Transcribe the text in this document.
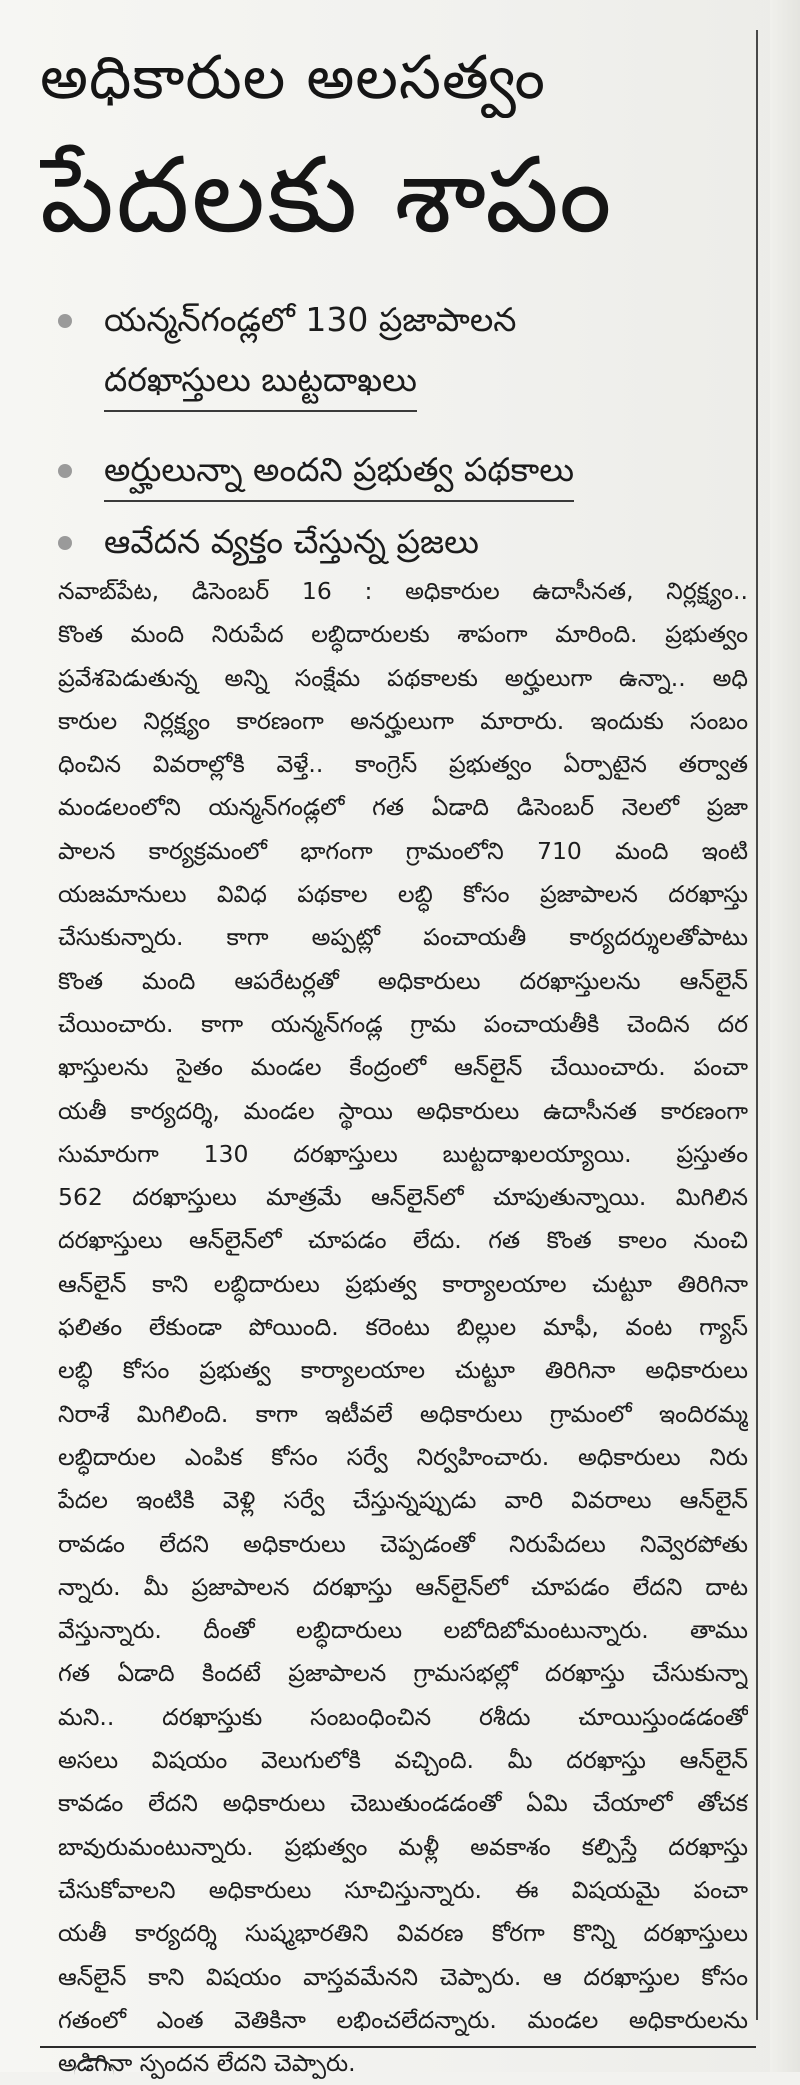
అధికారుల అలసత్వం
పేదలకు శాపం
యన్మన్‌గండ్లలో 130 ప్రజాపాలన
దరఖాస్తులు బుట్టదాఖలు
అర్హులున్నా అందని ప్రభుత్వ పథకాలు
ఆవేదన వ్యక్తం చేస్తున్న ప్రజలు
నవాబ్‌పేట, డిసెంబర్ 16 : అధికారుల ఉదాసీనత, నిర్లక్ష్యం..
కొంత మంది నిరుపేద లబ్ధిదారులకు శాపంగా మారింది. ప్రభుత్వం
ప్రవేశపెడుతున్న అన్ని సంక్షేమ పథకాలకు అర్హులుగా ఉన్నా.. అధి
కారుల నిర్లక్ష్యం కారణంగా అనర్హులుగా మారారు. ఇందుకు సంబం
ధించిన వివరాల్లోకి వెళ్తే.. కాంగ్రెస్ ప్రభుత్వం ఏర్పాటైన తర్వాత
మండలంలోని యన్మన్‌గండ్లలో గత ఏడాది డిసెంబర్ నెలలో ప్రజా
పాలన కార్యక్రమంలో భాగంగా గ్రామంలోని 710 మంది ఇంటి
యజమానులు వివిధ పథకాల లబ్ధి కోసం ప్రజాపాలన దరఖాస్తు
చేసుకున్నారు. కాగా అప్పట్లో పంచాయతీ కార్యదర్శులతోపాటు
కొంత మంది ఆపరేటర్లతో అధికారులు దరఖాస్తులను ఆన్‌లైన్
చేయించారు. కాగా యన్మన్‌గండ్ల గ్రామ పంచాయతీకి చెందిన దర
ఖాస్తులను సైతం మండల కేంద్రంలో ఆన్‌లైన్ చేయించారు. పంచా
యతీ కార్యదర్శి, మండల స్థాయి అధికారులు ఉదాసీనత కారణంగా
సుమారుగా 130 దరఖాస్తులు బుట్టదాఖలయ్యాయి. ప్రస్తుతం
562 దరఖాస్తులు మాత్రమే ఆన్‌లైన్‌లో చూపుతున్నాయి. మిగిలిన
దరఖాస్తులు ఆన్‌లైన్‌లో చూపడం లేదు. గత కొంత కాలం నుంచి
ఆన్‌లైన్ కాని లబ్ధిదారులు ప్రభుత్వ కార్యాలయాల చుట్టూ తిరిగినా
ఫలితం లేకుండా పోయింది. కరెంటు బిల్లుల మాఫీ, వంట గ్యాస్
లబ్ధి కోసం ప్రభుత్వ కార్యాలయాల చుట్టూ తిరిగినా అధికారులు
నిరాశే మిగిలింది. కాగా ఇటీవలే అధికారులు గ్రామంలో ఇందిరమ్మ
లబ్ధిదారుల ఎంపిక కోసం సర్వే నిర్వహించారు. అధికారులు నిరు
పేదల ఇంటికి వెళ్లి సర్వే చేస్తున్నప్పుడు వారి వివరాలు ఆన్‌లైన్
రావడం లేదని అధికారులు చెప్పడంతో నిరుపేదలు నివ్వెరపోతు
న్నారు. మీ ప్రజాపాలన దరఖాస్తు ఆన్‌లైన్‌లో చూపడం లేదని దాట
వేస్తున్నారు. దీంతో లబ్ధిదారులు లబోదిబోమంటున్నారు. తాము
గత ఏడాది కిందటే ప్రజాపాలన గ్రామసభల్లో దరఖాస్తు చేసుకున్నా
మని.. దరఖాస్తుకు సంబంధించిన రశీదు చూయిస్తుండడంతో
అసలు విషయం వెలుగులోకి వచ్చింది. మీ దరఖాస్తు ఆన్‌లైన్
కావడం లేదని అధికారులు చెబుతుండడంతో ఏమి చేయాలో తోచక
బావురుమంటున్నారు. ప్రభుత్వం మళ్లీ అవకాశం కల్పిస్తే దరఖాస్తు
చేసుకోవాలని అధికారులు సూచిస్తున్నారు. ఈ విషయమై పంచా
యతీ కార్యదర్శి సుష్మభారతిని వివరణ కోరగా కొన్ని దరఖాస్తులు
ఆన్‌లైన్ కాని విషయం వాస్తవమేనని చెప్పారు. ఆ దరఖాస్తుల కోసం
గతంలో ఎంత వెతికినా లభించలేదన్నారు. మండల అధికారులను
అడిగినా స్పందన లేదని చెప్పారు.
